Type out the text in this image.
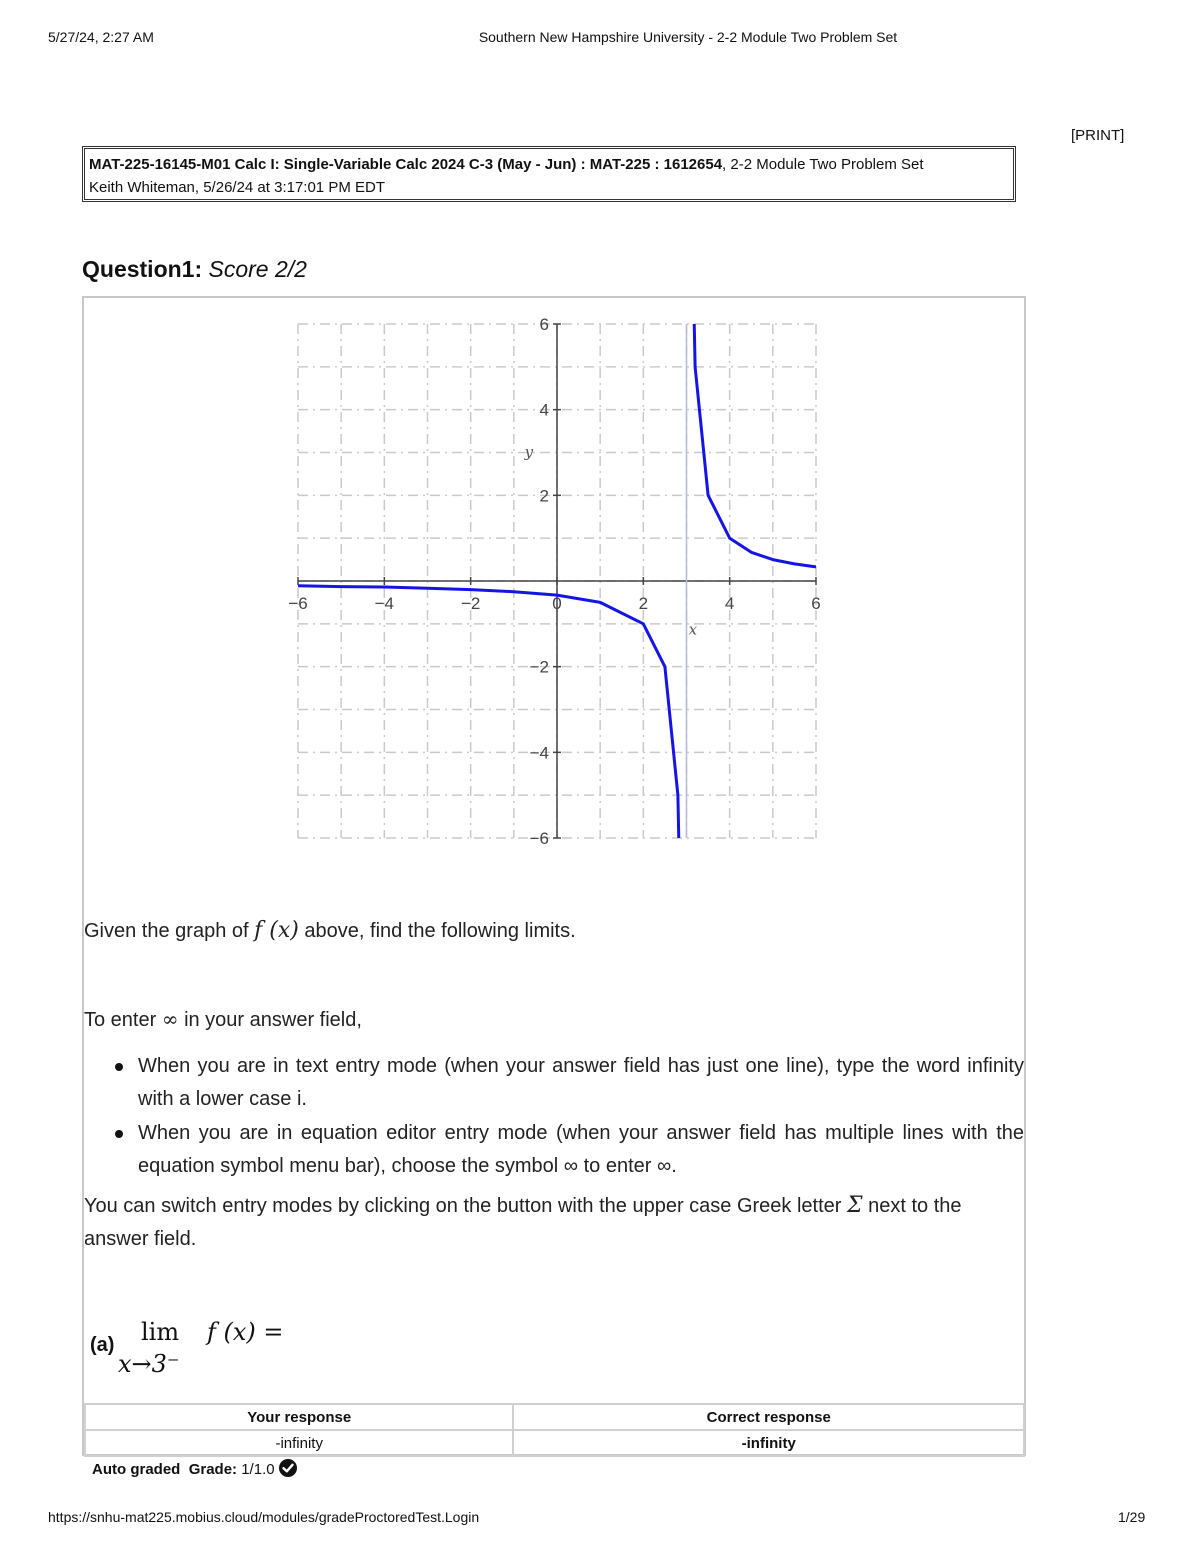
5/27/24, 2:27 AM	Southern New Hampshire University - 2-2 Module Two Problem Set
[PRINT]
MAT-225-16145-M01 Calc I: Single-Variable Calc 2024 C-3 (May - Jun) : MAT-225 : 1612654, 2-2 Module Two Problem Set
Keith Whiteman, 5/26/24 at 3:17:01 PM EDT
Question1: Score 2/2
−6	−4	−2	0	2	4	6
6
4
2
−2
−4
−6
x
y
Given the graph of f (x) above, find the following limits.
To enter ∞ in your answer field,
When you are in text entry mode (when your answer field has just one line), type the word infinity with a lower case i.
When you are in equation editor entry mode (when your answer field has multiple lines with the equation symbol menu bar), choose the symbol ∞ to enter ∞.
You can switch entry modes by clicking on the button with the upper case Greek letter Σ next to the answer field.
(a) lim
x→3⁻
f (x) =
Your response	Correct response
-infinity	-infinity
Auto graded Grade: 1/1.0
https://snhu-mat225.mobius.cloud/modules/gradeProctoredTest.Login	1/29
